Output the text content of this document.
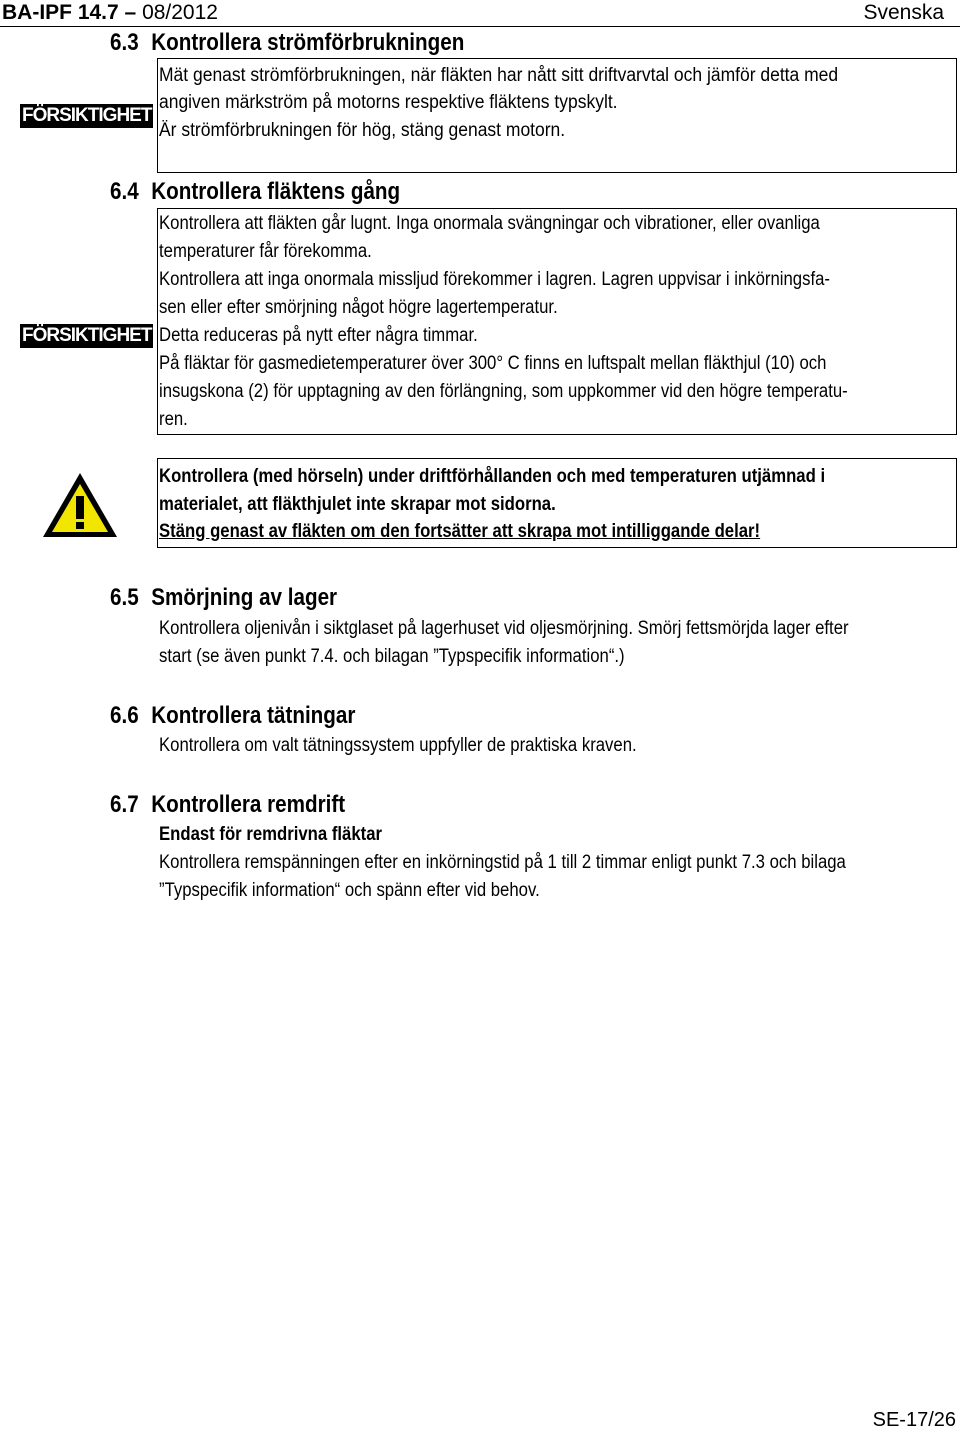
BA-IPF 14.7 – 08/2012	Svenska
6.3 Kontrollera strömförbrukningen
FÖRSIKTIGHET
Mät genast strömförbrukningen, när fläkten har nått sitt driftvarvtal och jämför detta med
angiven märkström på motorns respektive fläktens typskylt.
Är strömförbrukningen för hög, stäng genast motorn.
6.4 Kontrollera fläktens gång
FÖRSIKTIGHET
Kontrollera att fläkten går lugnt. Inga onormala svängningar och vibrationer, eller ovanliga
temperaturer får förekomma.
Kontrollera att inga onormala missljud förekommer i lagren. Lagren uppvisar i inkörningsfa-
sen eller efter smörjning något högre lagertemperatur.
Detta reduceras på nytt efter några timmar.
På fläktar för gasmedietemperaturer över 300° C finns en luftspalt mellan fläkthjul (10) och
insugskona (2) för upptagning av den förlängning, som uppkommer vid den högre temperatu-
ren.
Kontrollera (med hörseln) under driftförhållanden och med temperaturen utjämnad i
materialet, att fläkthjulet inte skrapar mot sidorna.
Stäng genast av fläkten om den fortsätter att skrapa mot intilliggande delar!
6.5 Smörjning av lager
Kontrollera oljenivån i siktglaset på lagerhuset vid oljesmörjning. Smörj fettsmörjda lager efter
start (se även punkt 7.4. och bilagan ”Typspecifik information“.)
6.6 Kontrollera tätningar
Kontrollera om valt tätningssystem uppfyller de praktiska kraven.
6.7 Kontrollera remdrift
Endast för remdrivna fläktar
Kontrollera remspänningen efter en inkörningstid på 1 till 2 timmar enligt punkt 7.3 och bilaga
”Typspecifik information“ och spänn efter vid behov.
SE-17/26
